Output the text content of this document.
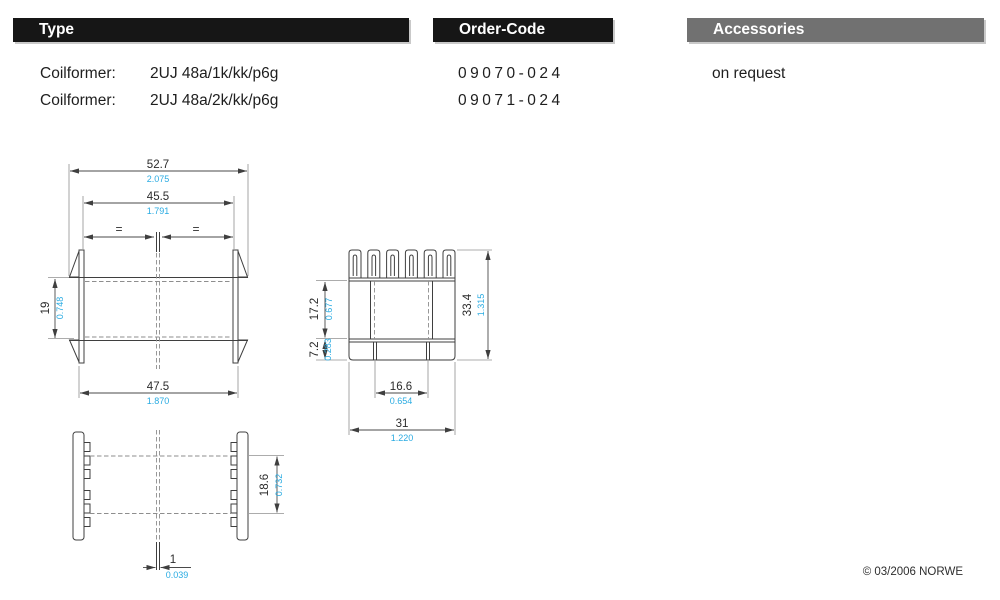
Type	Order-Code	Accessories
Coilformer: 2UJ 48a/1k/kk/p6g	09070-024	on request
Coilformer: 2UJ 48a/2k/kk/p6g	09071-024
52.7
2.075
45.5
1.791
=	=
19 0.748
47.5
1.870
33.4 1.315
17.2 0.677
7.2 0.283
16.6
0.654
31
1.220
18.6 0.732
1
0.039	© 03/2006 NORWE
